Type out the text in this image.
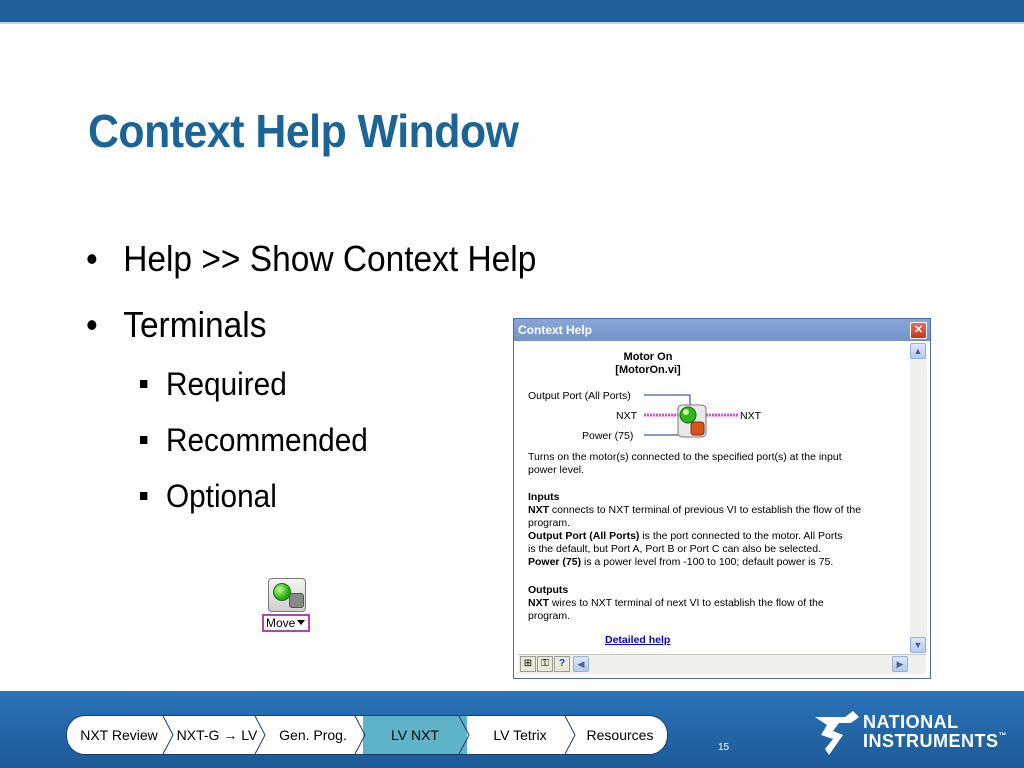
Context Help Window
• Help >> Show Context Help
• Terminals
Required
Recommended
Optional
Move
Context Help	✕
Motor On
[MotorOn.vi]
Output Port (All Ports)
NXT
Power (75)
NXT
Turns on the motor(s) connected to the specified port(s) at the input
power level.
Inputs
NXT connects to NXT terminal of previous VI to establish the flow of the
program.
Output Port (All Ports) is the port connected to the motor. All Ports
is the default, but Port A, Port B or Port C can also be selected.
Power (75) is a power level from -100 to 100; default power is 75.
Outputs
NXT wires to NXT terminal of next VI to establish the flow of the
program.
Detailed help
▲
▼
⊞ ⚿	?	◀	▶
NXT Review	NXT-G → LV	Gen. Prog.	LV NXT	LV Tetrix	Resources
15
NATIONAL
INSTRUMENTS™
